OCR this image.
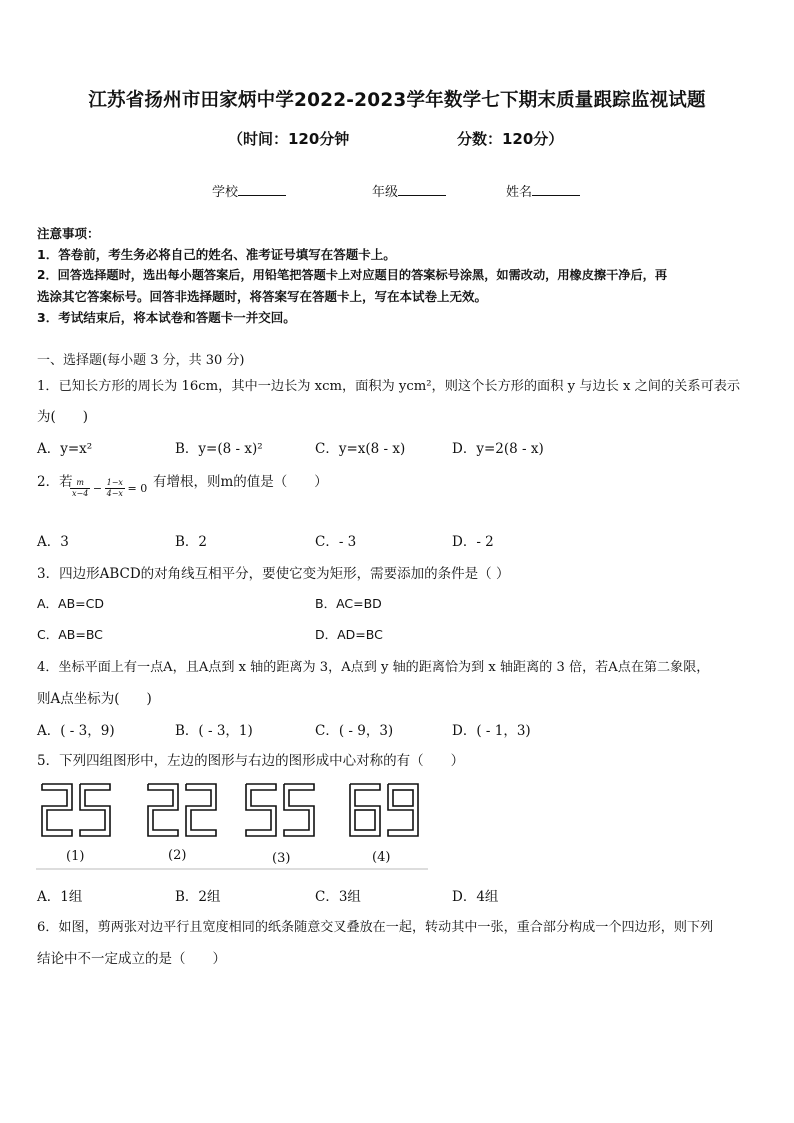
江苏省扬州市田家炳中学2022-2023学年数学七下期末质量跟踪监视试题
（时间：120分钟	分数：120分）
学校	年级	姓名
注意事项：
1．答卷前，考生务必将自己的姓名、准考证号填写在答题卡上。
2．回答选择题时，选出每小题答案后，用铅笔把答题卡上对应题目的答案标号涂黑，如需改动，用橡皮擦干净后，再
选涂其它答案标号。回答非选择题时，将答案写在答题卡上，写在本试卷上无效。
3．考试结束后，将本试卷和答题卡一并交回。
一、选择题(每小题 3 分，共 30 分)
1．已知长方形的周长为 16cm，其中一边长为 xcm，面积为 ycm²，则这个长方形的面积 y 与边长 x 之间的关系可表示
为(　　)
A．y=x²	B．y=(8 - x)²	C．y=x(8 - x)	D．y=2(8 - x)
2．若
$\frac{m}{x-4} - \frac{1-x}{4-x} = 0$ 有增根，则m的值是（　　）
A．3	B．2	C．- 3	D．- 2
3．四边形ABCD的对角线互相平分，要使它变为矩形，需要添加的条件是（ ）
A．AB=CD	B．AC=BD
C．AB=BC	D．AD=BC
4．坐标平面上有一点A，且A点到 x 轴的距离为 3，A点到 y 轴的距离恰为到 x 轴距离的 3 倍，若A点在第二象限，
则A点坐标为(　　)
A．( - 3，9)	B．( - 3，1)	C．( - 9，3)	D．( - 1，3)
5．下列四组图形中，左边的图形与右边的图形成中心对称的有（　　）
(1)	(2)	(3)	(4)
A．1组	B．2组	C．3组	D．4组
6．如图，剪两张对边平行且宽度相同的纸条随意交叉叠放在一起，转动其中一张，重合部分构成一个四边形，则下列
结论中不一定成立的是（　　）
